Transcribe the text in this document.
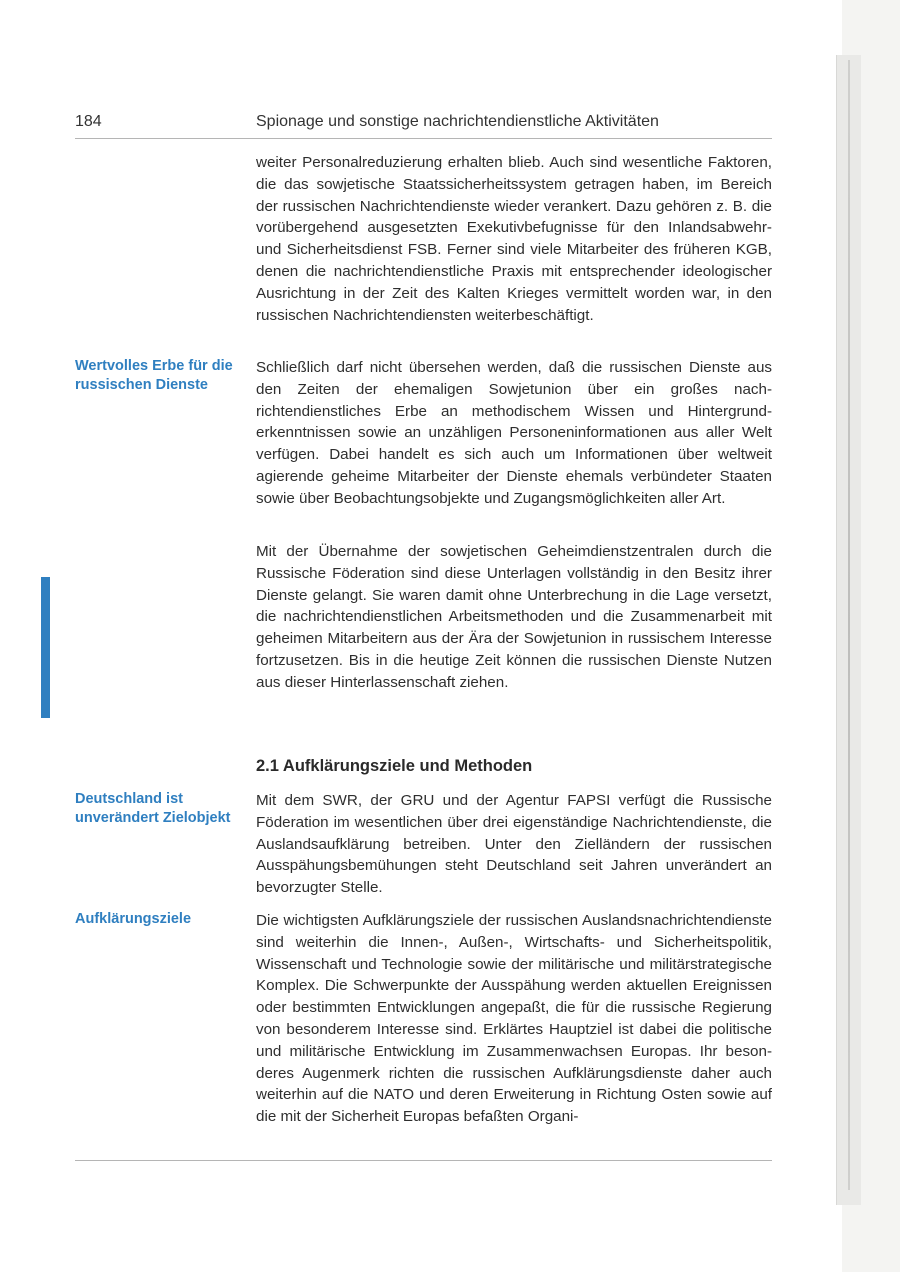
184	Spionage und sonstige nachrichtendienstliche Aktivitäten
Wertvolles Erbe für die russischen Dienste
Deutschland ist unverändert Zielobjekt
Aufklärungsziele

weiter Personalreduzierung erhalten blieb. Auch sind wesentliche Faktoren, die das sowjetische Staatssicherheitssystem getragen haben, im Bereich der russischen Nachrichtendienste wieder verankert. Dazu gehören z. B. die vorübergehend ausgesetzten Exekutivbefugnisse für den Inlandsabwehr- und Sicherheitsdienst FSB. Ferner sind viele Mitarbeiter des früheren KGB, denen die nachrichtendienstliche Praxis mit entsprechender ideologischer Ausrichtung in der Zeit des Kalten Krieges vermittelt worden war, in den russischen Nachrichtendiensten weiterbeschäftigt.

Schließlich darf nicht übersehen werden, daß die russischen Dienste aus den Zeiten der ehemaligen Sowjetunion über ein großes nachrichtendienstliches Erbe an methodischem Wissen und Hintergrunderkenntnissen sowie an unzähligen Personeninformationen aus aller Welt verfügen. Dabei handelt es sich auch um Informationen über weltweit agierende geheime Mitarbeiter der Dienste ehemals verbündeter Staaten sowie über Beobachtungsobjekte und Zugangsmöglichkeiten aller Art.

Mit der Übernahme der sowjetischen Geheimdienstzentralen durch die Russische Föderation sind diese Unterlagen vollständig in den Besitz ihrer Dienste gelangt. Sie waren damit ohne Unterbrechung in die Lage versetzt, die nachrichtendienstlichen Arbeitsmethoden und die Zusammenarbeit mit geheimen Mitarbeitern aus der Ära der Sowjetunion in russischem Interesse fortzusetzen. Bis in die heutige Zeit können die russischen Dienste Nutzen aus dieser Hinterlassenschaft ziehen.

2.1 Aufklärungsziele und Methoden

Mit dem SWR, der GRU und der Agentur FAPSI verfügt die Russische Föderation im wesentlichen über drei eigenständige Nachrichtendienste, die Auslandsaufklärung betreiben. Unter den Zielländern der russischen Ausspähungsbemühungen steht Deutschland seit Jahren unverändert an bevorzugter Stelle.

Die wichtigsten Aufklärungsziele der russischen Auslandsnachrichtendienste sind weiterhin die Innen-, Außen-, Wirtschafts- und Sicherheitspolitik, Wissenschaft und Technologie sowie der militärische und militärstrategische Komplex. Die Schwerpunkte der Ausspähung werden aktuellen Ereignissen oder bestimmten Entwicklungen angepaßt, die für die russische Regierung von besonderem Interesse sind. Erklärtes Hauptziel ist dabei die politische und militärische Entwicklung im Zusammenwachsen Europas. Ihr besonderes Augenmerk richten die russischen Aufklärungsdienste daher auch weiterhin auf die NATO und deren Erweiterung in Richtung Osten sowie auf die mit der Sicherheit Europas befaßten Organi-
